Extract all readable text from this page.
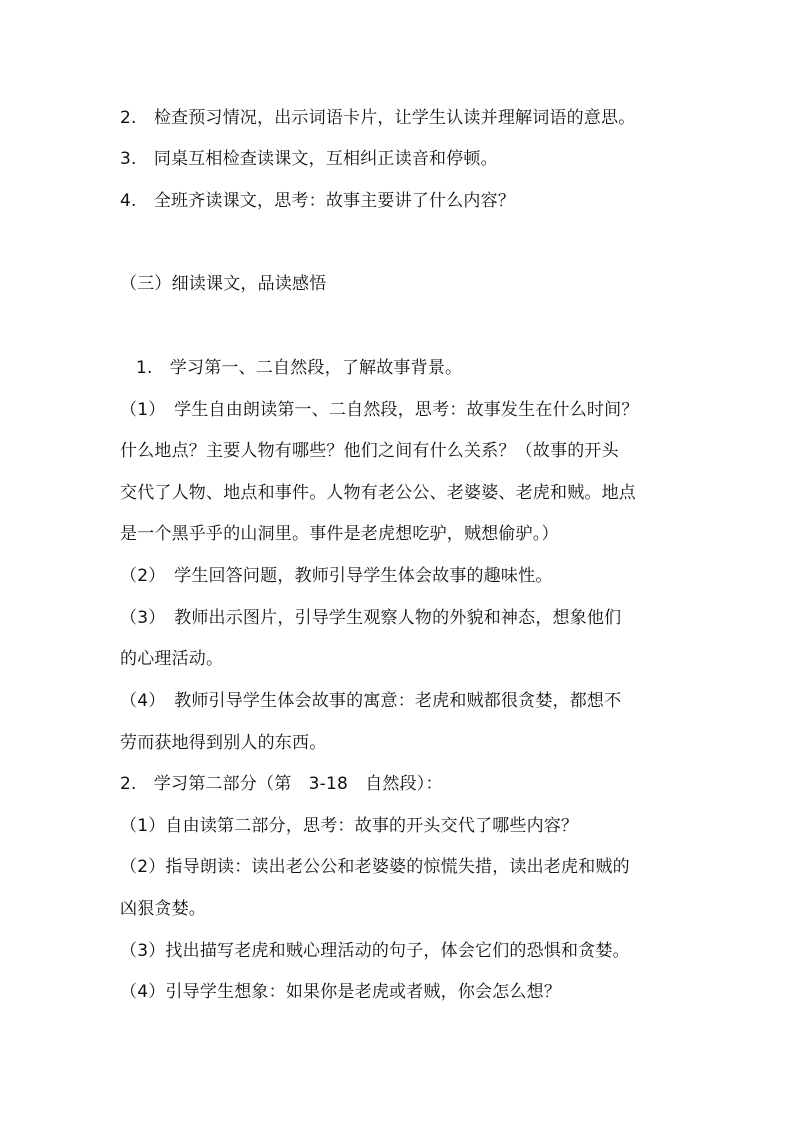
2.　检查预习情况，出示词语卡片，让学生认读并理解词语的意思。
3.　同桌互相检查读课文，互相纠正读音和停顿。
4.　全班齐读课文，思考：故事主要讲了什么内容？
（三）细读课文，品读感悟
1.　学习第一、二自然段，了解故事背景。
（1）　学生自由朗读第一、二自然段，思考：故事发生在什么时间？
什么地点？主要人物有哪些？他们之间有什么关系？（故事的开头
交代了人物、地点和事件。人物有老公公、老婆婆、老虎和贼。地点
是一个黑乎乎的山洞里。事件是老虎想吃驴，贼想偷驴。）
（2）　学生回答问题，教师引导学生体会故事的趣味性。
（3）　教师出示图片，引导学生观察人物的外貌和神态，想象他们
的心理活动。
（4）　教师引导学生体会故事的寓意：老虎和贼都很贪婪，都想不
劳而获地得到别人的东西。
2.　学习第二部分（第　3-18　自然段）：
（1）自由读第二部分，思考：故事的开头交代了哪些内容？
（2）指导朗读：读出老公公和老婆婆的惊慌失措，读出老虎和贼的
凶狠贪婪。
（3）找出描写老虎和贼心理活动的句子，体会它们的恐惧和贪婪。
（4）引导学生想象：如果你是老虎或者贼，你会怎么想？
